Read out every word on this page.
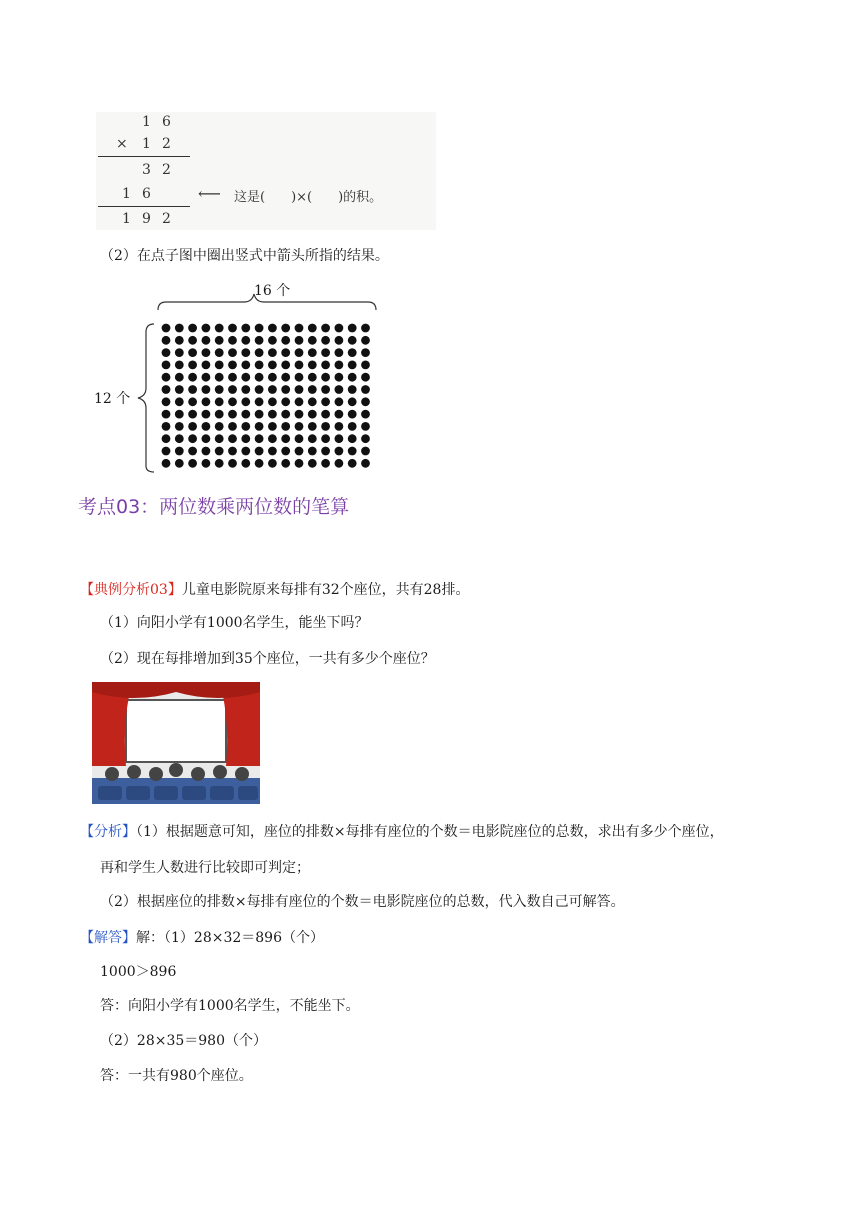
1 6
× 1 2
3 2
1 6	⟵ 这是(　　)×(　　)的积。
1 9 2
（2）在点子图中圈出竖式中箭头所指的结果。
16 个
12 个
考点03：两位数乘两位数的笔算
【典例分析03】儿童电影院原来每排有32个座位，共有28排。
（1）向阳小学有1000名学生，能坐下吗？
（2）现在每排增加到35个座位，一共有多少个座位？
【分析】（1）根据题意可知，座位的排数×每排有座位的个数＝电影院座位的总数，求出有多少个座位，
再和学生人数进行比较即可判定；
（2）根据座位的排数×每排有座位的个数＝电影院座位的总数，代入数自己可解答。
【解答】解：（1）28×32＝896（个）
1000＞896
答：向阳小学有1000名学生，不能坐下。
（2）28×35＝980（个）
答：一共有980个座位。
